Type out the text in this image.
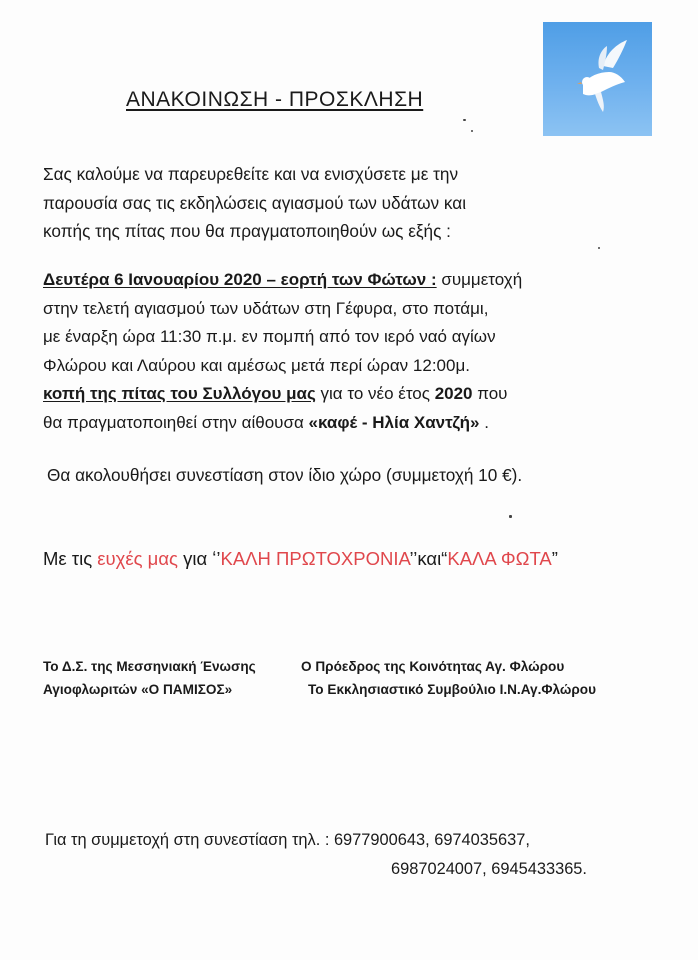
ΑΝΑΚΟΙΝΩΣΗ - ΠΡΟΣΚΛΗΣΗ

Σας καλούμε να παρευρεθείτε και να ενισχύσετε με την

παρουσία σας τις εκδηλώσεις αγιασμού των υδάτων και

κοπής της πίτας που θα πραγματοποιηθούν ως εξής :

Δευτέρα 6 Ιανουαρίου 2020 – εορτή των Φώτων : συμμετοχή

στην τελετή αγιασμού των υδάτων στη Γέφυρα, στο ποτάμι,

με έναρξη ώρα 11:30 π.μ. εν πομπή από τον ιερό ναό αγίων

Φλώρου και Λαύρου και αμέσως μετά περί ώραν 12:00μ.

κοπή της πίτας του Συλλόγου μας για το νέο έτος 2020 που

θα πραγματοποιηθεί στην αίθουσα «καφέ - Ηλία Χαντζή» .

Θα ακολουθήσει συνεστίαση στον ίδιο χώρο (συμμετοχή 10 €).
Με τις ευχές μας για ʻ’ΚΑΛΗ ΠΡΩΤΟΧΡΟΝΙΑ’’και“ΚΑΛΑ ΦΩΤΑ”
Το Δ.Σ. της Μεσσηνιακή Ένωσης	Ο Πρόεδρος της Κοινότητας Αγ. Φλώρου
Αγιοφλωριτών «Ο ΠΑΜΙΣΟΣ»	Το Εκκλησιαστικό Συμβούλιο Ι.Ν.Αγ.Φλώρου
Για τη συμμετοχή στη συνεστίαση τηλ. : 6977900643, 6974035637,
6987024007, 6945433365.
